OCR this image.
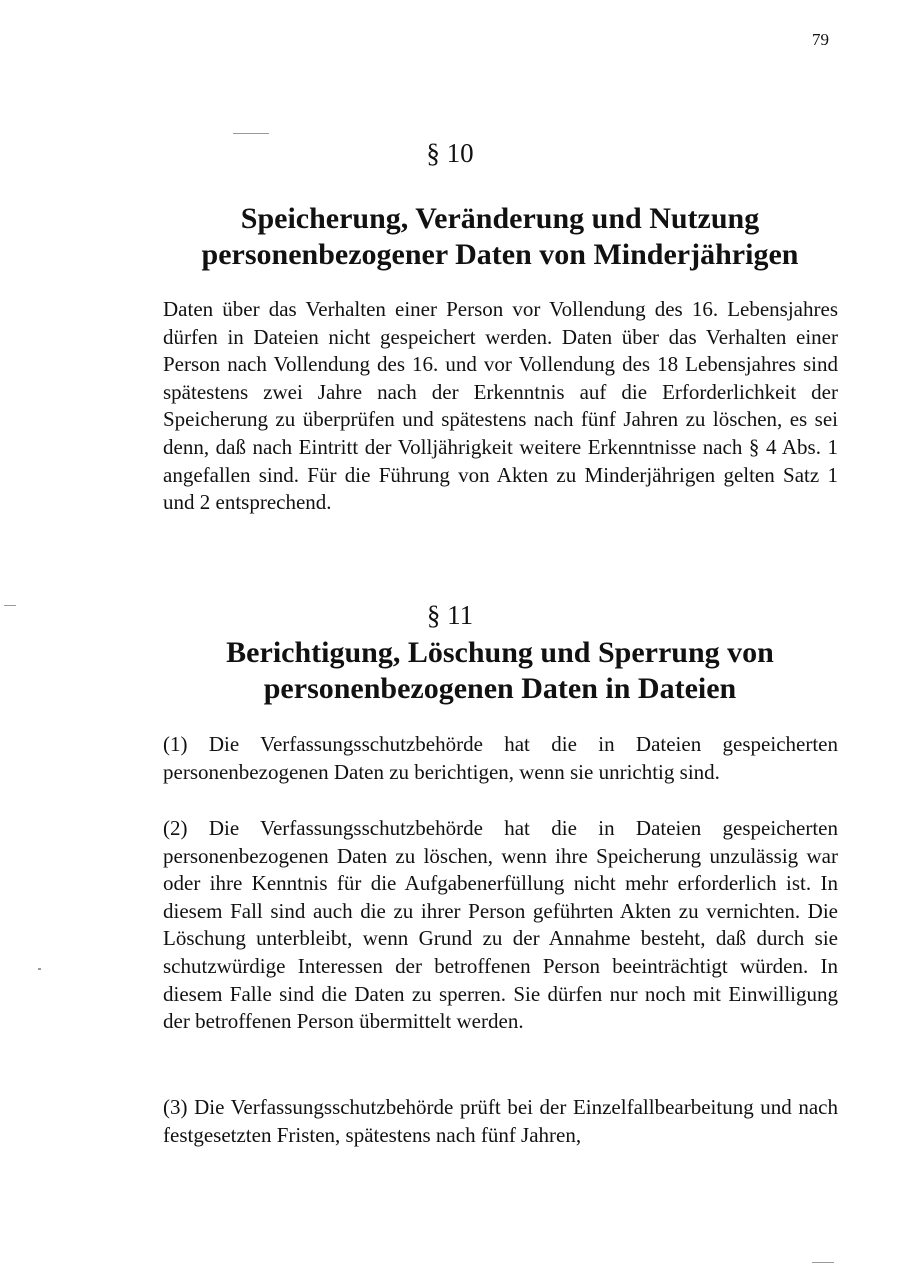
79
§ 10
Speicherung, Veränderung und Nutzung
personenbezogener Daten von Minderjährigen

Daten über das Verhalten einer Person vor Vollendung des 16. Lebensjahres dürfen in Dateien nicht gespeichert werden. Daten über das Verhalten einer Person nach Vollendung des 16. und vor Vollendung des 18 Lebensjahres sind spätestens zwei Jahre nach der Erkenntnis auf die Erforderlichkeit der Speicherung zu überprüfen und spätestens nach fünf Jahren zu löschen, es sei denn, daß nach Eintritt der Volljährigkeit weitere Erkenntnisse nach § 4 Abs. 1 angefallen sind. Für die Führung von Akten zu Minderjährigen gelten Satz 1 und 2 entsprechend.

§ 11
Berichtigung, Löschung und Sperrung von
personenbezogenen Daten in Dateien

(1) Die Verfassungsschutzbehörde hat die in Dateien gespeicherten personenbezogenen Daten zu berichtigen, wenn sie unrichtig sind.

(2) Die Verfassungsschutzbehörde hat die in Dateien gespeicherten personenbezogenen Daten zu löschen, wenn ihre Speicherung unzulässig war oder ihre Kenntnis für die Aufgabenerfüllung nicht mehr erforderlich ist. In diesem Fall sind auch die zu ihrer Person geführten Akten zu vernichten. Die Löschung unterbleibt, wenn Grund zu der Annahme besteht, daß durch sie schutzwürdige Interessen der betroffenen Person beeinträchtigt würden. In diesem Falle sind die Daten zu sperren. Sie dürfen nur noch mit Einwilligung der betroffenen Person übermittelt werden.

(3) Die Verfassungsschutzbehörde prüft bei der Einzelfallbearbeitung und nach festgesetzten Fristen, spätestens nach fünf Jahren,
